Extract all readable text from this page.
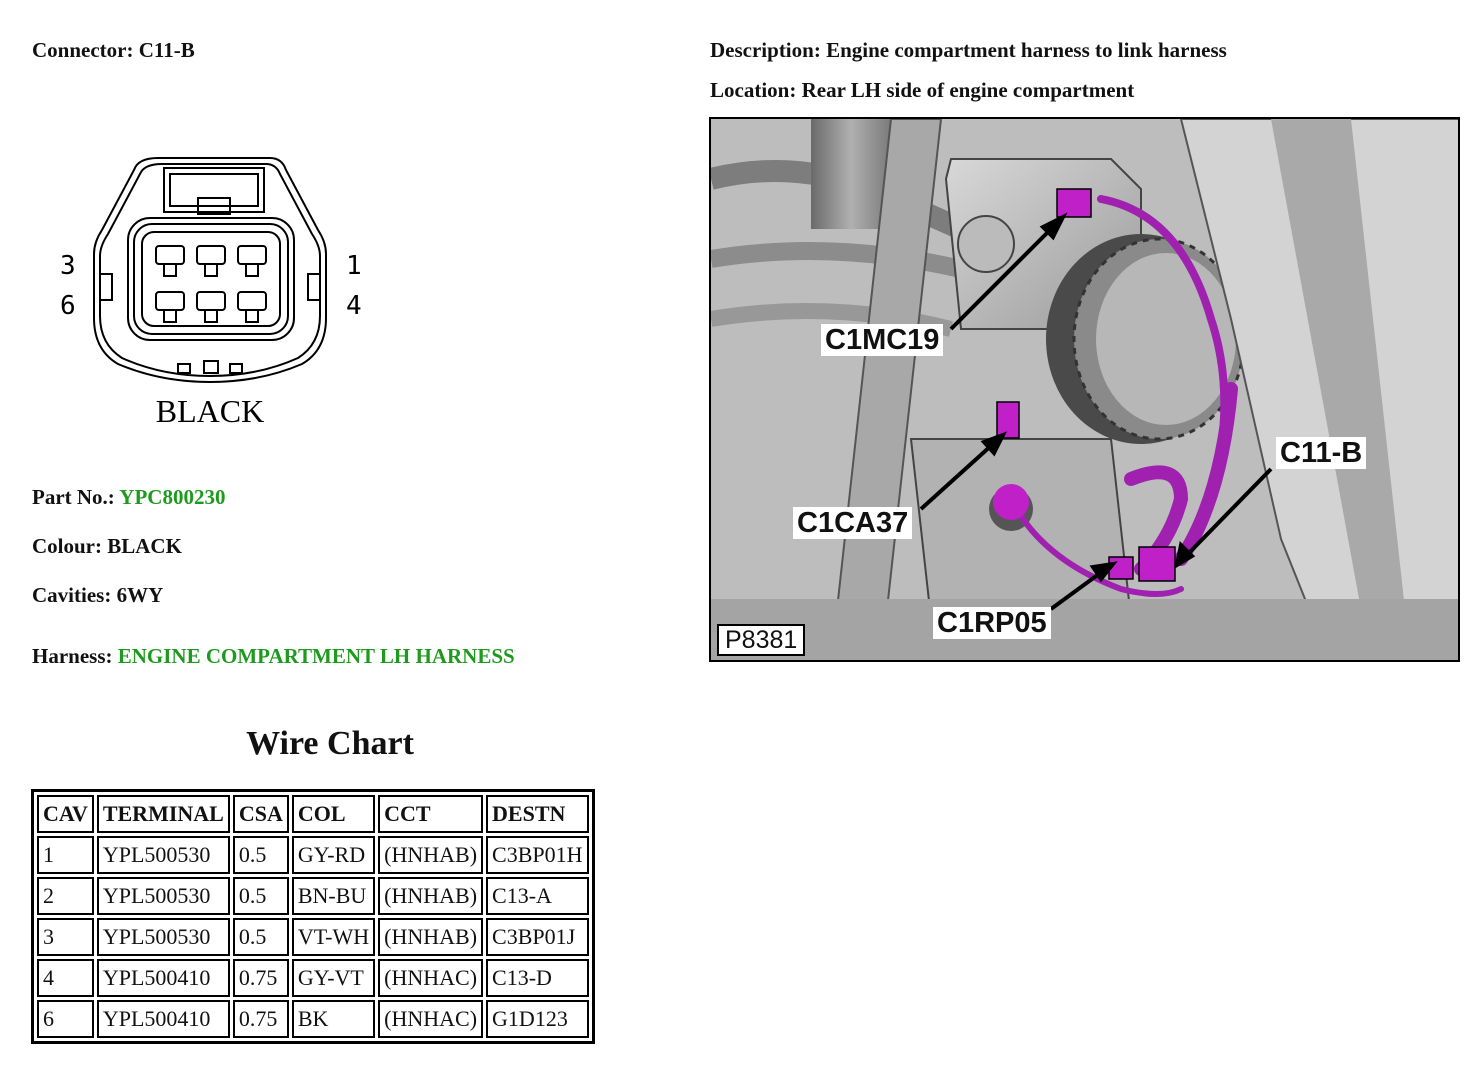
Connector: C11-B	Description: Engine compartment harness to link harness
Location: Rear LH side of engine compartment
3
6
1
4
BLACK
Part No.: YPC800230
Colour: BLACK
Cavities: 6WY
Harness: ENGINE COMPARTMENT LH HARNESS
Wire Chart
CAV	TERMINAL	CSA	COL	CCT	DESTN
1	YPL500530	0.5	GY-RD	(HNHAB)	C3BP01H
2	YPL500530	0.5	BN-BU	(HNHAB)	C13-A
3	YPL500530	0.5	VT-WH	(HNHAB)	C3BP01J
4	YPL500410	0.75	GY-VT	(HNHAC)	C13-D
6	YPL500410	0.75	BK	(HNHAC)	G1D123
C1MC19
C11-B
C1CA37
C1RP05
P8381
